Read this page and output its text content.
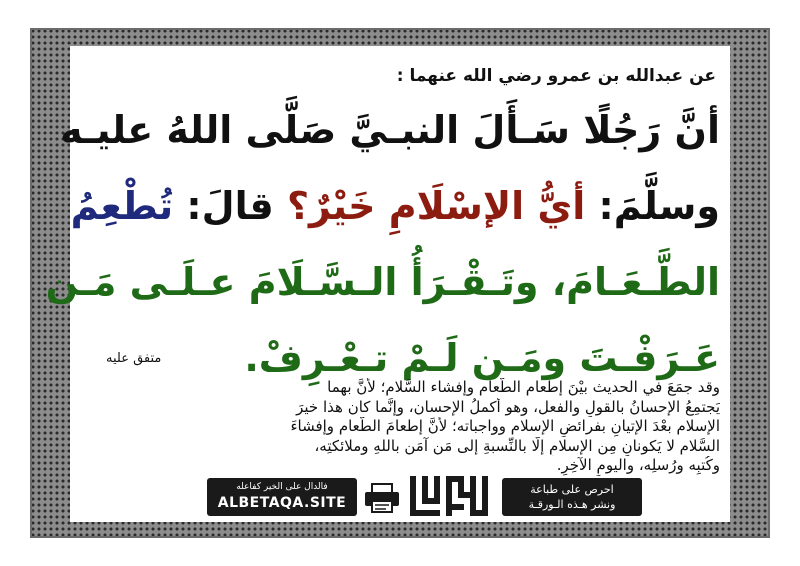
عن عبدالله بن عمرو رضي الله عنهما :
أنَّ رَجُلًا سَـأَلَ النبـيَّ صَلَّى اللهُ عليـه
وسلَّمَ: أيُّ الإسْلَامِ خَيْرٌ؟ قالَ: تُطْعِمُ
الطَّـعَـامَ، وتَـقْـرَأُ الـسَّـلَامَ عـلَـى مَـن
عَـرَفْـتَ ومَـن لَـمْ تـعْـرِفْ.
متفق عليه
وقد جمَعَ في الحديث بيْنَ إطعام الطَّعام وإفشاء السَّلام؛ لأنَّ بهما
يَجتمِعُ الإحسانُ بالقولِ والفعل، وهو أكملُ الإحسان، وإنَّما كان هذا خيرَ
الإسلام بعْدَ الإتيانِ بفرائضِ الإسلام وواجباته؛ لأنَّ إطعامَ الطَّعام وإفشاءَ
السَّلام لا يَكونانِ مِن الإسلامِ إلَّا بالنِّسبةِ إلى مَن آمَن باللهِ وملائكتِه،
وكُتبِه ورُسلِه، واليومِ الآخِرِ.
فالدال على الخير كفاعله
ALBETAQA.SITE
احرص على طباعة
ونشر هـذه الـورقـة
